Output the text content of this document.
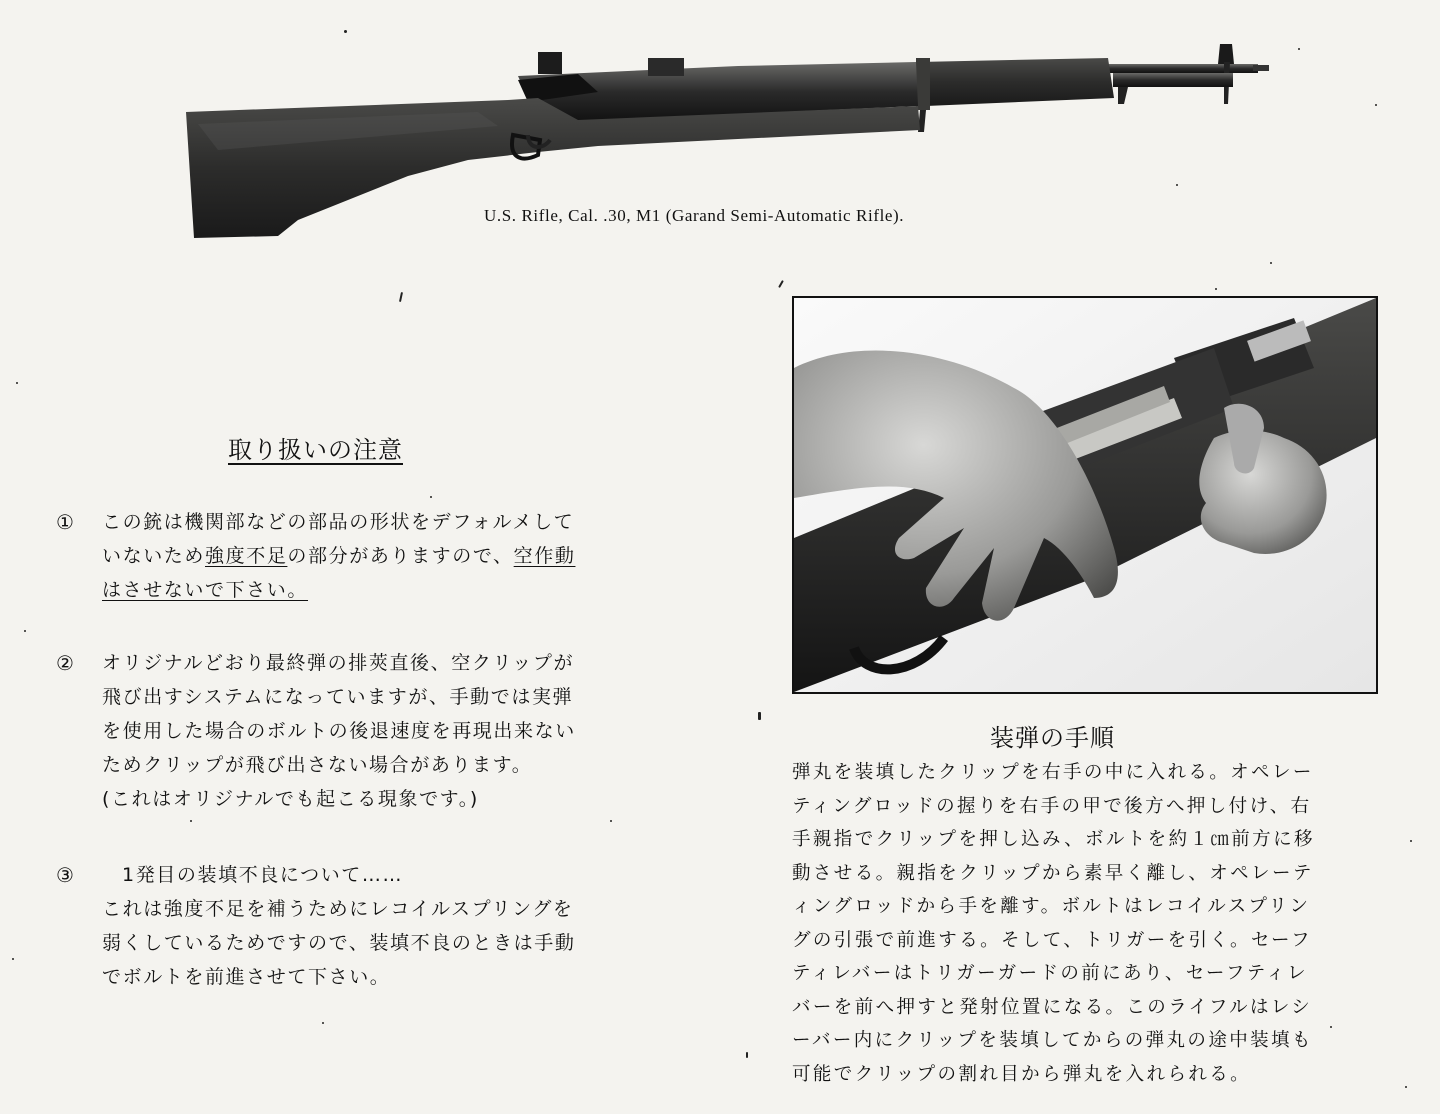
U.S. Rifle, Cal. .30, M1 (Garand Semi-Automatic Rifle).
取り扱いの注意
① この銃は機関部などの部品の形状をデフォルメして
いないため強度不足の部分がありますので、空作動
はさせないで下さい。
② オリジナルどおり最終弾の排莢直後、空クリップが
飛び出すシステムになっていますが、手動では実弾
を使用した場合のボルトの後退速度を再現出来ない
ためクリップが飛び出さない場合があります。
(これはオリジナルでも起こる現象です。)
③	1発目の装填不良について……
これは強度不足を補うためにレコイルスプリングを
弱くしているためですので、装填不良のときは手動
でボルトを前進させて下さい。
装弾の手順
弾丸を装填したクリップを右手の中に入れる。オペレー
ティングロッドの握りを右手の甲で後方へ押し付け、右
手親指でクリップを押し込み、ボルトを約１㎝前方に移
動させる。親指をクリップから素早く離し、オペレーテ
ィングロッドから手を離す。ボルトはレコイルスプリン
グの引張で前進する。そして、トリガーを引く。セーフ
ティレバーはトリガーガードの前にあり、セーフティレ
バーを前へ押すと発射位置になる。このライフルはレシ
ーバー内にクリップを装填してからの弾丸の途中装填も
可能でクリップの割れ目から弾丸を入れられる。
